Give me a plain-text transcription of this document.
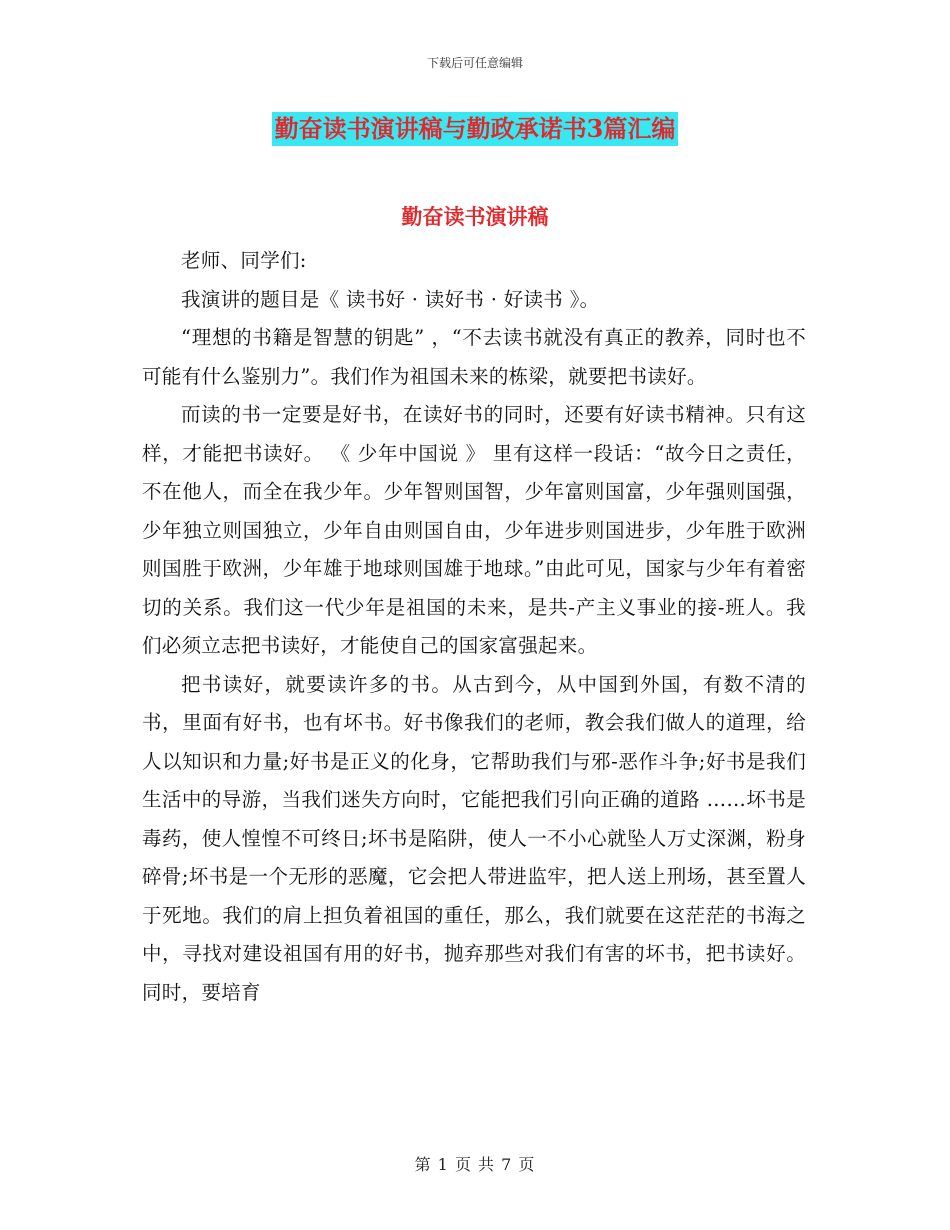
下载后可任意编辑
勤奋读书演讲稿与勤政承诺书3篇汇编
勤奋读书演讲稿

老师、同学们:

我演讲的题目是《 读书好 · 读好书 · 好读书 》。

“理想的书籍是智慧的钥匙” ，“不去读书就没有真正的教养，同时也不可能有什么鉴别力”。我们作为祖国未来的栋梁，就要把书读好。

而读的书一定要是好书，在读好书的同时，还要有好读书精神。只有这样，才能把书读好。 《 少年中国说 》 里有这样一段话：“故今日之责任，不在他人，而全在我少年。少年智则国智，少年富则国富，少年强则国强，少年独立则国独立，少年自由则国自由，少年进步则国进步，少年胜于欧洲则国胜于欧洲，少年雄于地球则国雄于地球。”由此可见，国家与少年有着密切的关系。我们这一代少年是祖国的未来，是共-产主义事业的接-班人。我们必须立志把书读好，才能使自己的国家富强起来。

把书读好，就要读许多的书。从古到今，从中国到外国，有数不清的书，里面有好书，也有坏书。好书像我们的老师，教会我们做人的道理，给人以知识和力量;好书是正义的化身，它帮助我们与邪-恶作斗争;好书是我们生活中的导游，当我们迷失方向时，它能把我们引向正确的道路 ……坏书是毒药，使人惶惶不可终日;坏书是陷阱，使人一不小心就坠人万丈深渊，粉身碎骨;坏书是一个无形的恶魔，它会把人带进监牢，把人送上刑场，甚至置人于死地。我们的肩上担负着祖国的重任，那么，我们就要在这茫茫的书海之中，寻找对建设祖国有用的好书，抛弃那些对我们有害的坏书，把书读好。同时，要培育

第 1 页 共 7 页
